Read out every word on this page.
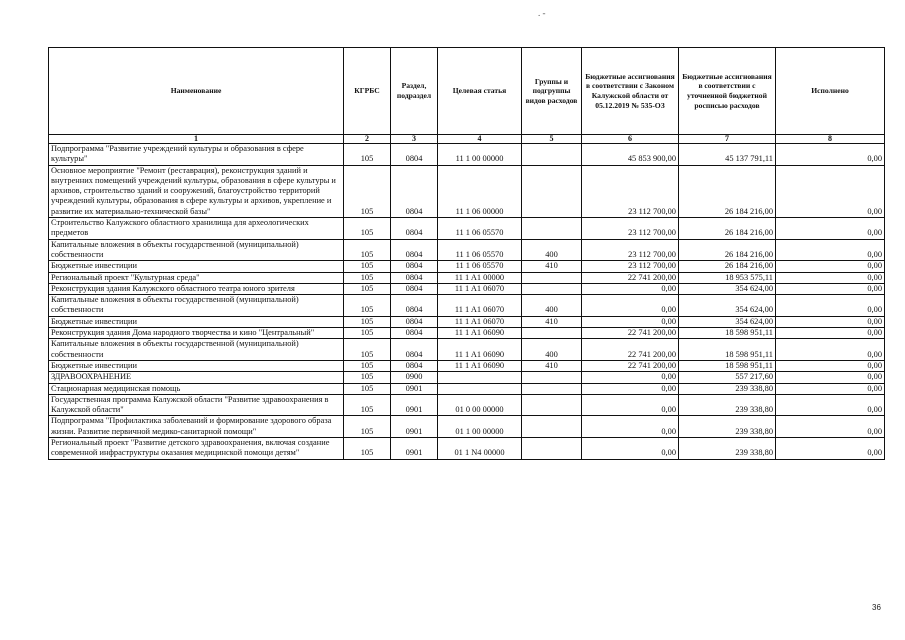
. -
Наименование	КГРБС	Раздел, подраздел	Целевая статья	Группы и подгруппы видов расходов	Бюджетные ассигнования в соответствии с Законом Калужской области от 05.12.2019 № 535-ОЗ	Бюджетные ассигнования в соответствии с уточненной бюджетной росписью расходов	Исполнено
1	2	3	4	5	6	7	8
Подпрограмма "Развитие учреждений культуры и образования в сфере культуры"	105	0804	11 1 00 00000		45 853 900,00	45 137 791,11	0,00
Основное мероприятие "Ремонт (реставрация), реконструкция зданий и внутренних помещений учреждений культуры, образования в сфере культуры и архивов, строительство зданий и сооружений, благоустройство территорий учреждений культуры, образования в сфере культуры и архивов, укрепление и развитие их материально-технической базы"	105	0804	11 1 06 00000		23 112 700,00	26 184 216,00	0,00
Строительство Калужского областного хранилища для археологических предметов	105	0804	11 1 06 05570		23 112 700,00	26 184 216,00	0,00
Капитальные вложения в объекты государственной (муниципальной) собственности	105	0804	11 1 06 05570	400	23 112 700,00	26 184 216,00	0,00
Бюджетные инвестиции	105	0804	11 1 06 05570	410	23 112 700,00	26 184 216,00	0,00
Региональный проект "Культурная среда"	105	0804	11 1 A1 00000		22 741 200,00	18 953 575,11	0,00
Реконструкция здания Калужского областного театра юного зрителя	105	0804	11 1 A1 06070		0,00	354 624,00	0,00
Капитальные вложения в объекты государственной (муниципальной) собственности	105	0804	11 1 A1 06070	400	0,00	354 624,00	0,00
Бюджетные инвестиции	105	0804	11 1 A1 06070	410	0,00	354 624,00	0,00
Реконструкция здания Дома народного творчества и кино "Центральный"	105	0804	11 1 A1 06090		22 741 200,00	18 598 951,11	0,00
Капитальные вложения в объекты государственной (муниципальной) собственности	105	0804	11 1 A1 06090	400	22 741 200,00	18 598 951,11	0,00
Бюджетные инвестиции	105	0804	11 1 A1 06090	410	22 741 200,00	18 598 951,11	0,00
ЗДРАВООХРАНЕНИЕ	105	0900			0,00	557 217,60	0,00
Стационарная медицинская помощь	105	0901			0,00	239 338,80	0,00
Государственная программа Калужской области "Развитие здравоохранения в Калужской области"	105	0901	01 0 00 00000		0,00	239 338,80	0,00
Подпрограмма "Профилактика заболеваний и формирование здорового образа жизни. Развитие первичной медико-санитарной помощи"	105	0901	01 1 00 00000		0,00	239 338,80	0,00
Региональный проект "Развитие детского здравоохранения, включая создание современной инфраструктуры оказания медицинской помощи детям"	105	0901	01 1 N4 00000		0,00	239 338,80	0,00
36
